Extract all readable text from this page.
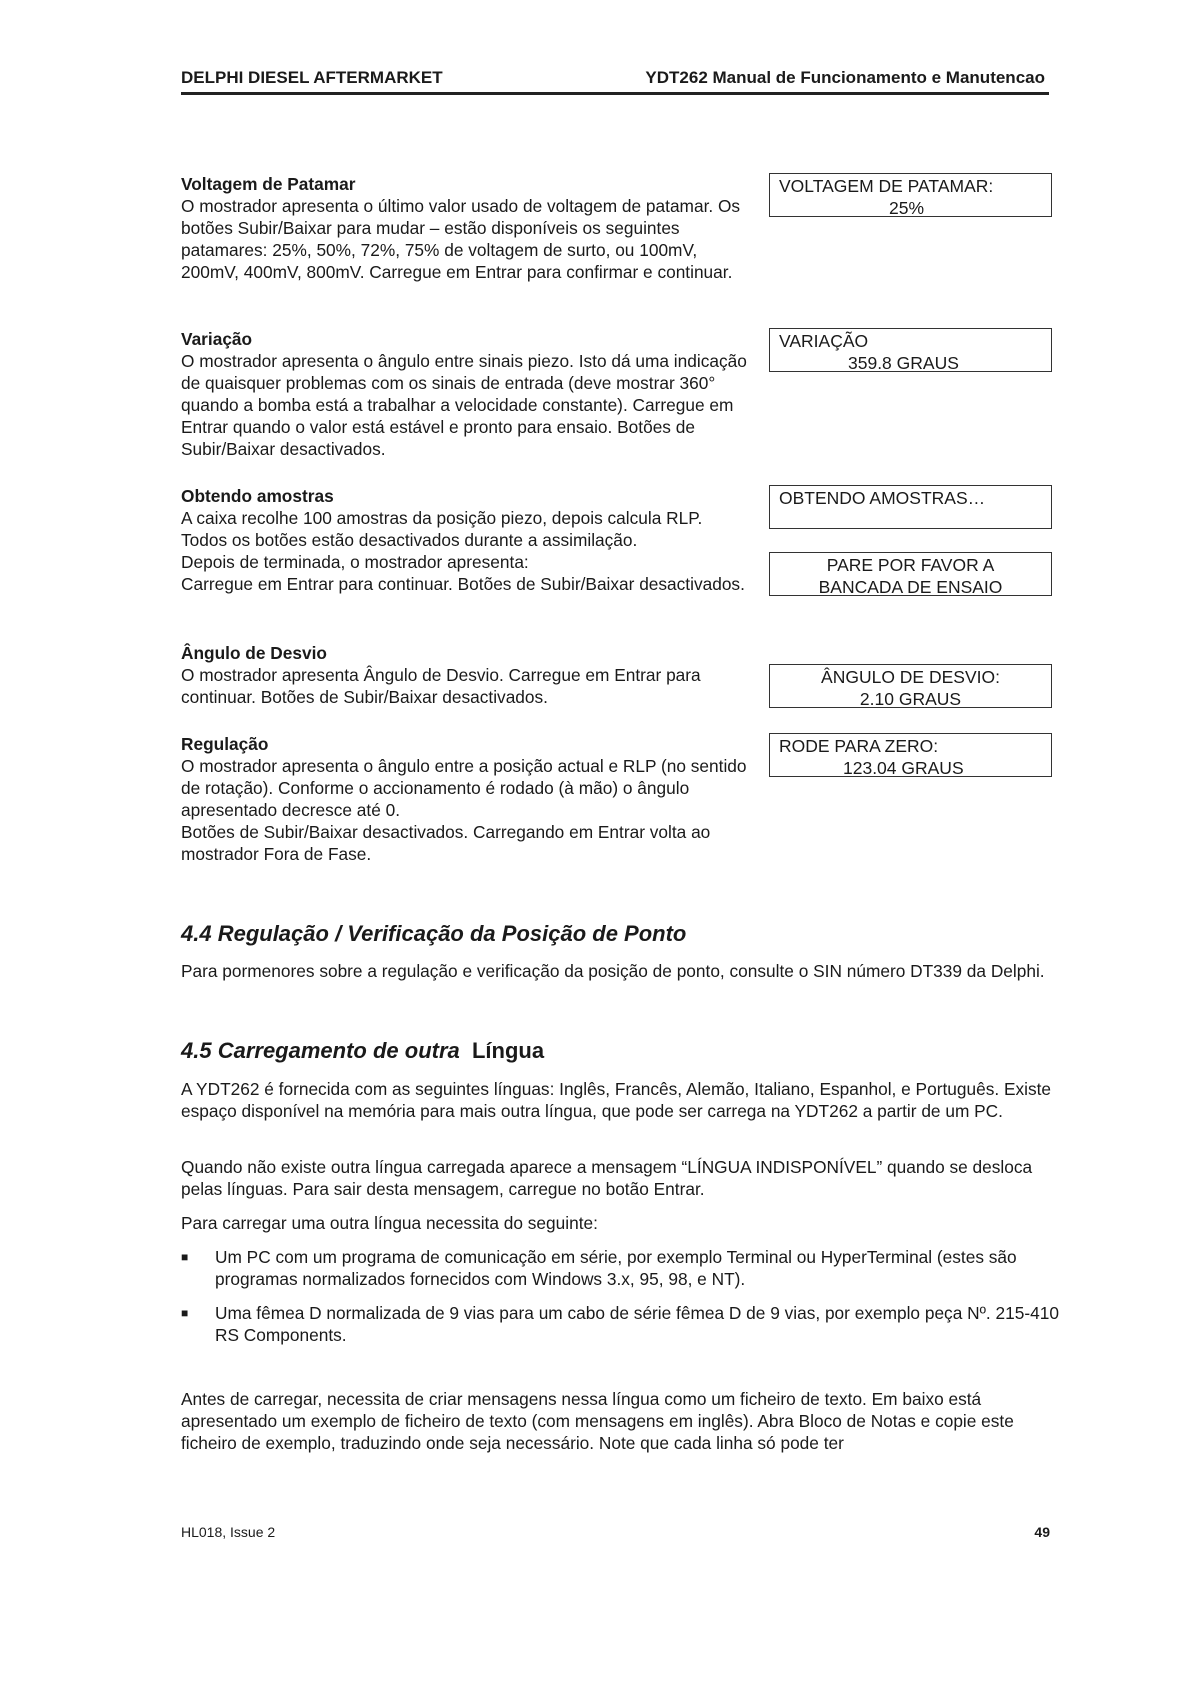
DELPHI DIESEL AFTERMARKET	YDT262 Manual de Funcionamento e Manutencao

Voltagem de Patamar

O mostrador apresenta o último valor usado de voltagem de patamar. Os botões Subir/Baixar para mudar – estão disponíveis os seguintes patamares: 25%, 50%, 72%, 75% de voltagem de surto, ou 100mV, 200mV, 400mV, 800mV. Carregue em Entrar para confirmar e continuar.

VOLTAGEM DE PATAMAR:
25%

Variação

O mostrador apresenta o ângulo entre sinais piezo. Isto dá uma indicação de quaisquer problemas com os sinais de entrada (deve mostrar 360° quando a bomba está a trabalhar a velocidade constante). Carregue em Entrar quando o valor está estável e pronto para ensaio. Botões de Subir/Baixar desactivados.

VARIAÇÃO
359.8 GRAUS

Obtendo amostras

A caixa recolhe 100 amostras da posição piezo, depois calcula RLP. Todos os botões estão desactivados durante a assimilação.

Depois de terminada, o mostrador apresenta:

Carregue em Entrar para continuar. Botões de Subir/Baixar desactivados.

OBTENDO AMOSTRAS…
PARE POR FAVOR A
BANCADA DE ENSAIO

Ângulo de Desvio

O mostrador apresenta Ângulo de Desvio. Carregue em Entrar para continuar. Botões de Subir/Baixar desactivados.

ÂNGULO DE DESVIO:
2.10 GRAUS

Regulação

O mostrador apresenta o ângulo entre a posição actual e RLP (no sentido de rotação). Conforme o accionamento é rodado (à mão) o ângulo apresentado decresce até 0.

Botões de Subir/Baixar desactivados. Carregando em Entrar volta ao mostrador Fora de Fase.

RODE PARA ZERO:
123.04 GRAUS
4.4 Regulação / Verificação da Posição de Ponto

Para pormenores sobre a regulação e verificação da posição de ponto, consulte o SIN número DT339 da Delphi.

4.5 Carregamento de outra Língua

A YDT262 é fornecida com as seguintes línguas: Inglês, Francês, Alemão, Italiano, Espanhol, e Português. Existe espaço disponível na memória para mais outra língua, que pode ser carrega na YDT262 a partir de um PC.

Quando não existe outra língua carregada aparece a mensagem “LÍNGUA INDISPONÍVEL” quando se desloca pelas línguas. Para sair desta mensagem, carregue no botão Entrar.

Para carregar uma outra língua necessita do seguinte:

■ Um PC com um programa de comunicação em série, por exemplo Terminal ou HyperTerminal (estes são programas normalizados fornecidos com Windows 3.x, 95, 98, e NT).
■ Uma fêmea D normalizada de 9 vias para um cabo de série fêmea D de 9 vias, por exemplo peça Nº. 215-410 RS Components.

Antes de carregar, necessita de criar mensagens nessa língua como um ficheiro de texto. Em baixo está apresentado um exemplo de ficheiro de texto (com mensagens em inglês). Abra Bloco de Notas e copie este ficheiro de exemplo, traduzindo onde seja necessário. Note que cada linha só pode ter

HL018, Issue 2	49
